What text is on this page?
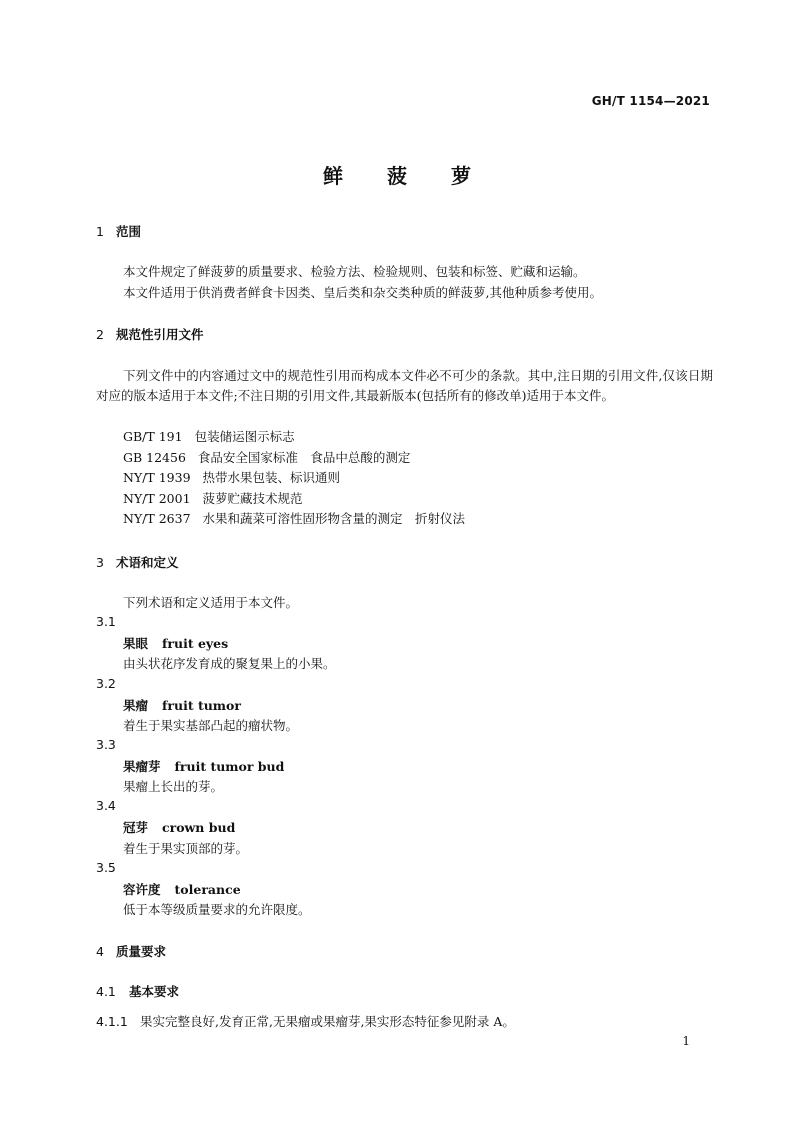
GH/T 1154—2021
鲜 菠 萝
1 范围
本文件规定了鲜菠萝的质量要求、检验方法、检验规则、包装和标签、贮藏和运输。
本文件适用于供消费者鲜食卡因类、皇后类和杂交类种质的鲜菠萝,其他种质参考使用。
2 规范性引用文件
下列文件中的内容通过文中的规范性引用而构成本文件必不可少的条款。其中,注日期的引用文件,仅该日期对应的版本适用于本文件;不注日期的引用文件,其最新版本(包括所有的修改单)适用于本文件。
GB/T 191 包装储运图示标志
GB 12456 食品安全国家标准　食品中总酸的测定
NY/T 1939 热带水果包装、标识通则
NY/T 2001 菠萝贮藏技术规范
NY/T 2637 水果和蔬菜可溶性固形物含量的测定　折射仪法
3 术语和定义
下列术语和定义适用于本文件。
3.1
果眼 fruit eyes
由头状花序发育成的聚复果上的小果。
3.2
果瘤 fruit tumor
着生于果实基部凸起的瘤状物。
3.3
果瘤芽 fruit tumor bud
果瘤上长出的芽。
3.4
冠芽 crown bud
着生于果实顶部的芽。
3.5
容许度 tolerance
低于本等级质量要求的允许限度。
4 质量要求
4.1 基本要求
4.1.1 果实完整良好,发育正常,无果瘤或果瘤芽,果实形态特征参见附录 A。
1
